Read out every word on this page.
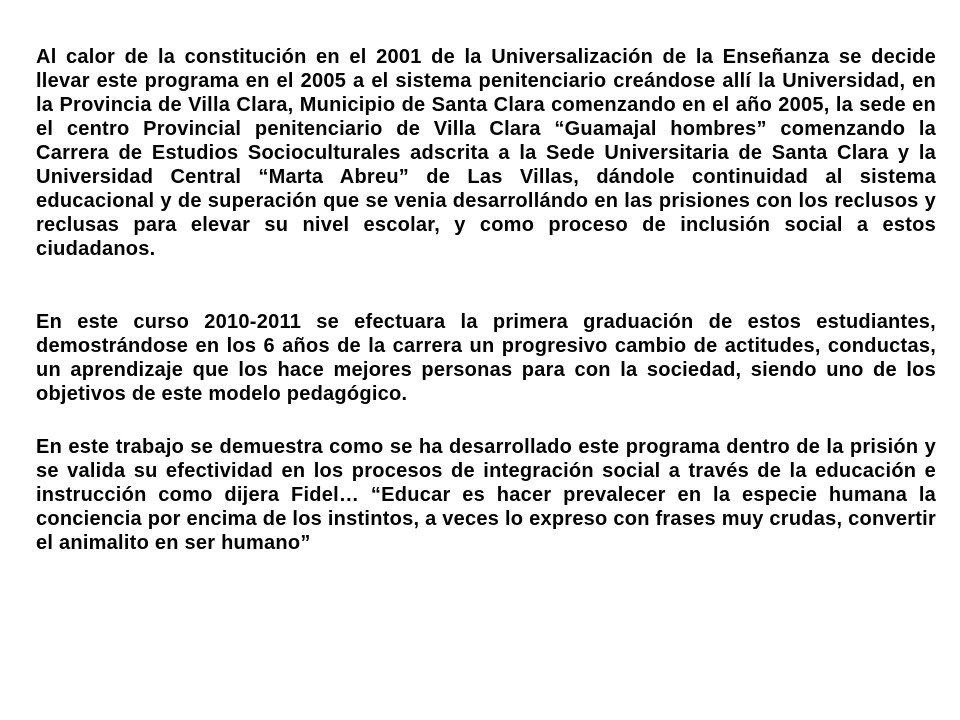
Al calor de la constitución en el 2001 de la Universalización de la Enseñanza se decide llevar este programa en el 2005 a el sistema penitenciario creándose allí la Universidad, en la Provincia de Villa Clara, Municipio de Santa Clara comenzando en el año 2005, la sede en el centro Provincial penitenciario de Villa Clara “Guamajal hombres” comenzando la Carrera de Estudios Socioculturales adscrita a la Sede Universitaria de Santa Clara y la Universidad Central “Marta Abreu” de Las Villas, dándole continuidad al sistema educacional y de superación que se venia desarrollándo en las prisiones con los reclusos y reclusas para elevar su nivel escolar, y como proceso de inclusión social a estos ciudadanos.

En este curso 2010-2011 se efectuara la primera graduación de estos estudiantes, demostrándose en los 6 años de la carrera un progresivo cambio de actitudes, conductas, un aprendizaje que los hace mejores personas para con la sociedad, siendo uno de los objetivos de este modelo pedagógico.

En este trabajo se demuestra como se ha desarrollado este programa dentro de la prisión y se valida su efectividad en los procesos de integración social a través de la educación e instrucción como dijera Fidel… “Educar es hacer prevalecer en la especie humana la conciencia por encima de los instintos, a veces lo expreso con frases muy crudas, convertir el animalito en ser humano”
